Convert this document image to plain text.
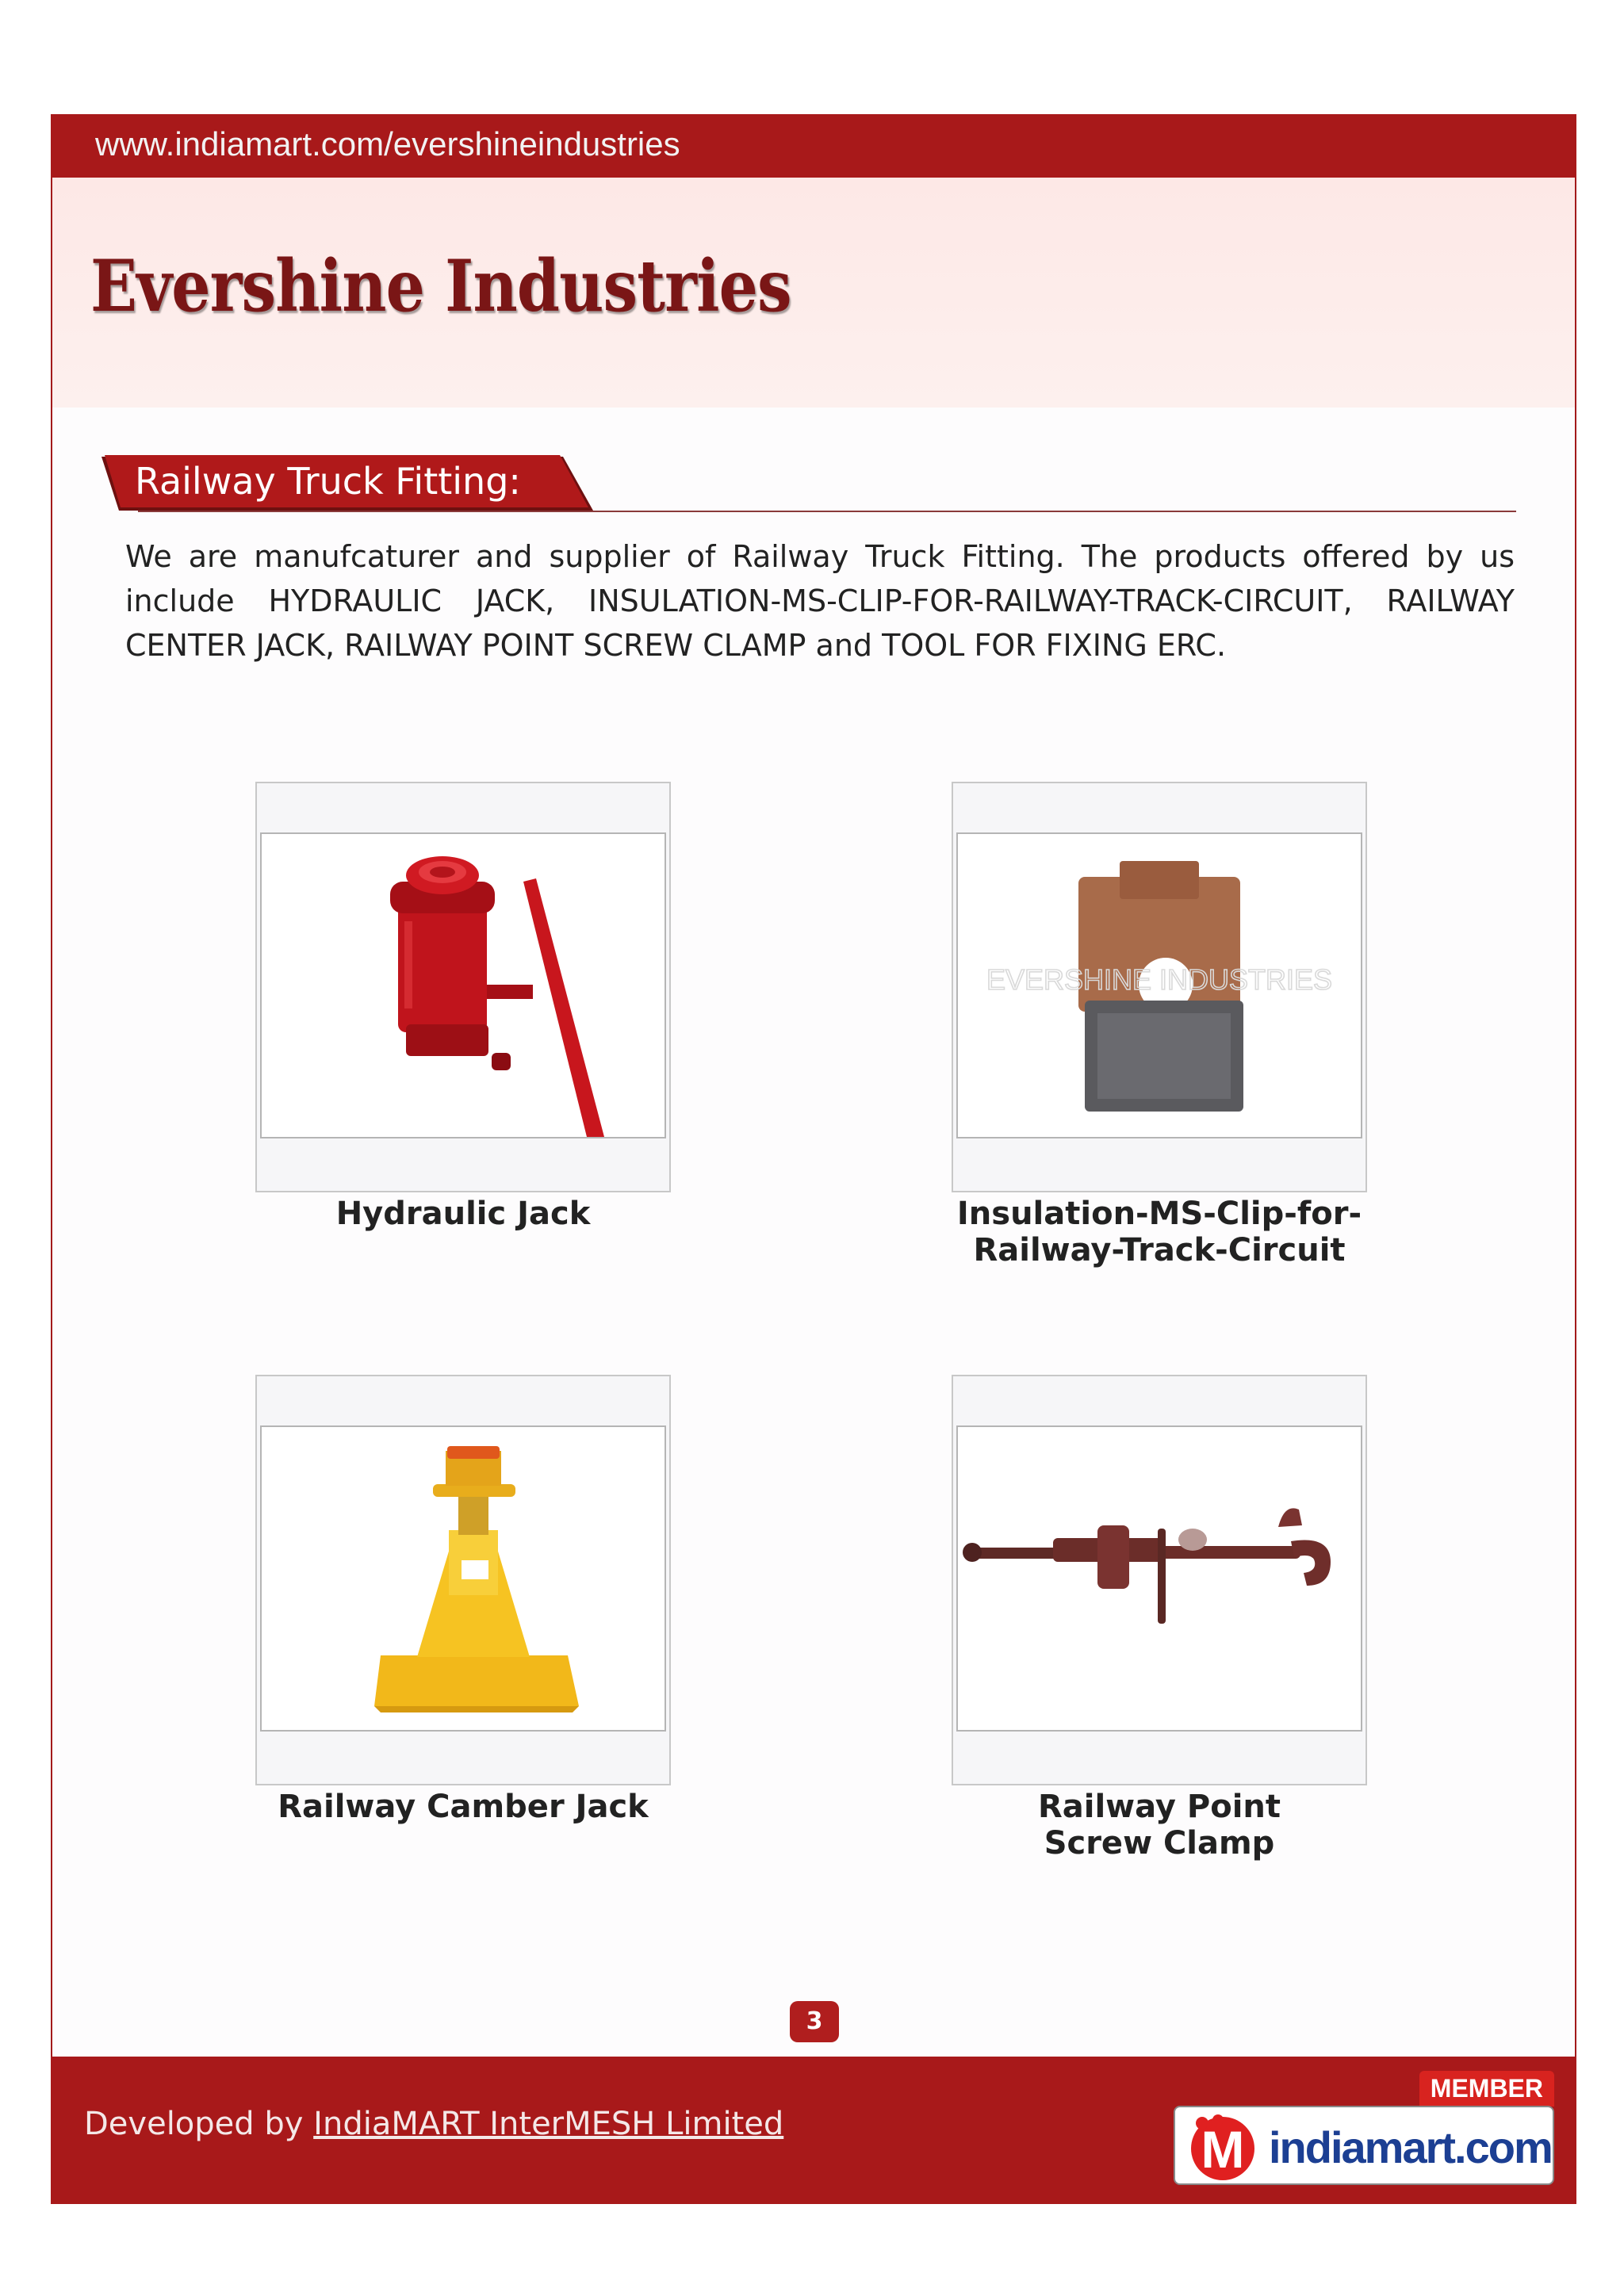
www.indiamart.com/evershineindustries
Evershine Industries
Railway Truck Fitting:
We are manufcaturer and supplier of Railway Truck Fitting. The products offered by us include HYDRAULIC JACK, INSULATION-MS-CLIP-FOR-RAILWAY-TRACK-CIRCUIT, RAILWAY CENTER JACK, RAILWAY POINT SCREW CLAMP and TOOL FOR FIXING ERC.
Hydraulic Jack
EVERSHINE INDUSTRIES
Insulation-MS-Clip-for-Railway-Track-Circuit
Railway Camber Jack	Railway Point Screw Clamp
3
Developed by IndiaMART InterMESH Limited
MEMBER
M indiamart.com
